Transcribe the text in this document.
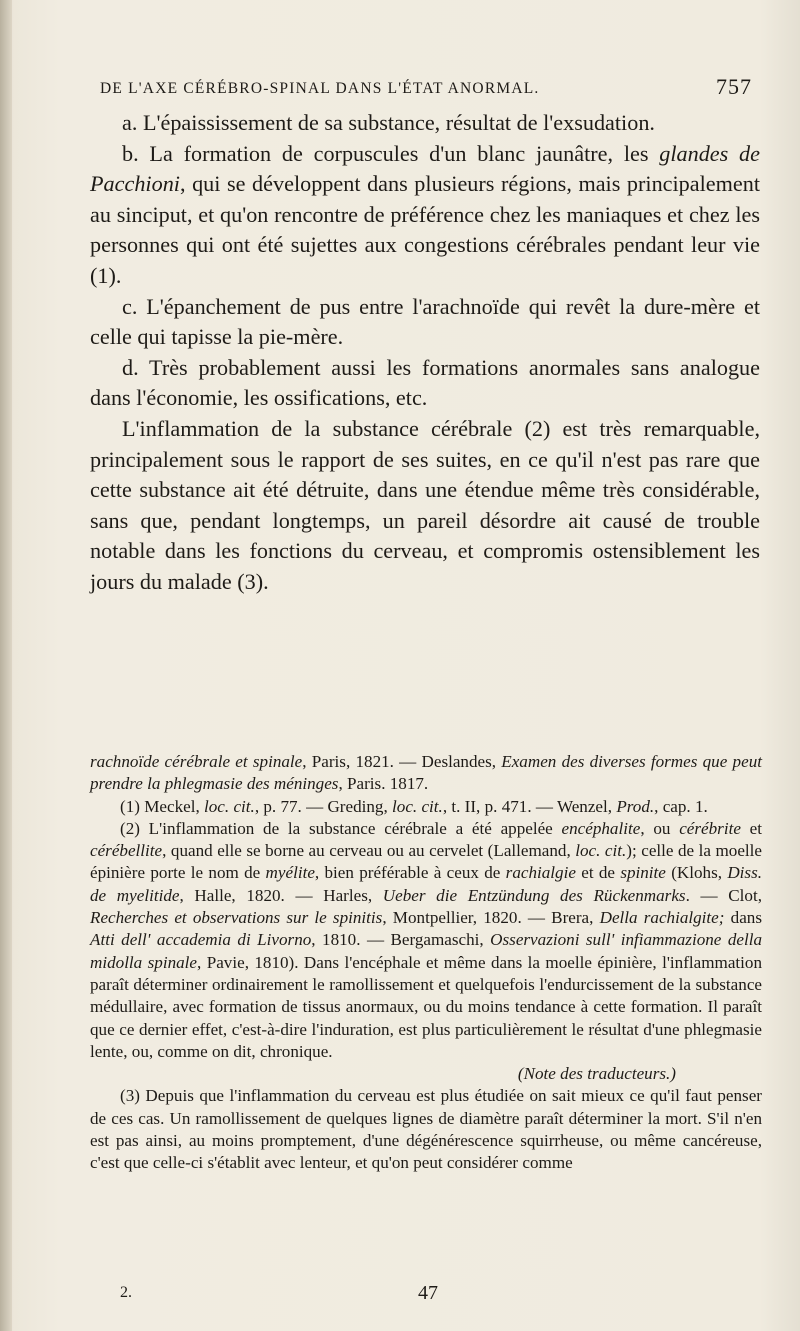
DE L'AXE CÉRÉBRO-SPINAL DANS L'ÉTAT ANORMAL.	757

a. L'épaississement de sa substance, résultat de l'exsudation.

b. La formation de corpuscules d'un blanc jaunâtre, les glandes de Pacchioni, qui se développent dans plusieurs régions, mais principalement au sinciput, et qu'on rencontre de préférence chez les maniaques et chez les personnes qui ont été sujettes aux congestions cérébrales pendant leur vie (1).

c. L'épanchement de pus entre l'arachnoïde qui revêt la dure-mère et celle qui tapisse la pie-mère.

d. Très probablement aussi les formations anormales sans analogue dans l'économie, les ossifications, etc.

L'inflammation de la substance cérébrale (2) est très remarquable, principalement sous le rapport de ses suites, en ce qu'il n'est pas rare que cette substance ait été détruite, dans une étendue même très considérable, sans que, pendant longtemps, un pareil désordre ait causé de trouble notable dans les fonctions du cerveau, et compromis ostensiblement les jours du malade (3).

rachnoïde cérébrale et spinale, Paris, 1821. — Deslandes, Examen des diverses formes que peut prendre la phlegmasie des méninges, Paris. 1817.

(1) Meckel, loc. cit., p. 77. — Greding, loc. cit., t. II, p. 471. — Wenzel, Prod., cap. 1.

(2) L'inflammation de la substance cérébrale a été appelée encéphalite, ou cérébrite et cérébellite, quand elle se borne au cerveau ou au cervelet (Lallemand, loc. cit.); celle de la moelle épinière porte le nom de myélite, bien préférable à ceux de rachialgie et de spinite (Klohs, Diss. de myelitide, Halle, 1820. — Harles, Ueber die Entzündung des Rückenmarks. — Clot, Recherches et observations sur le spinitis, Montpellier, 1820. — Brera, Della rachialgite; dans Atti dell' accademia di Livorno, 1810. — Bergamaschi, Osservazioni sull' infiammazione della midolla spinale, Pavie, 1810). Dans l'encéphale et même dans la moelle épinière, l'inflammation paraît déterminer ordinairement le ramollissement et quelquefois l'endurcissement de la substance médullaire, avec formation de tissus anormaux, ou du moins tendance à cette formation. Il paraît que ce dernier effet, c'est-à-dire l'induration, est plus particulièrement le résultat d'une phlegmasie lente, ou, comme on dit, chronique.

(Note des traducteurs.)

(3) Depuis que l'inflammation du cerveau est plus étudiée on sait mieux ce qu'il faut penser de ces cas. Un ramollissement de quelques lignes de diamètre paraît déterminer la mort. S'il n'en est pas ainsi, au moins promptement, d'une dégénérescence squirrheuse, ou même cancéreuse, c'est que celle-ci s'établit avec lenteur, et qu'on peut considérer comme

2.	47
